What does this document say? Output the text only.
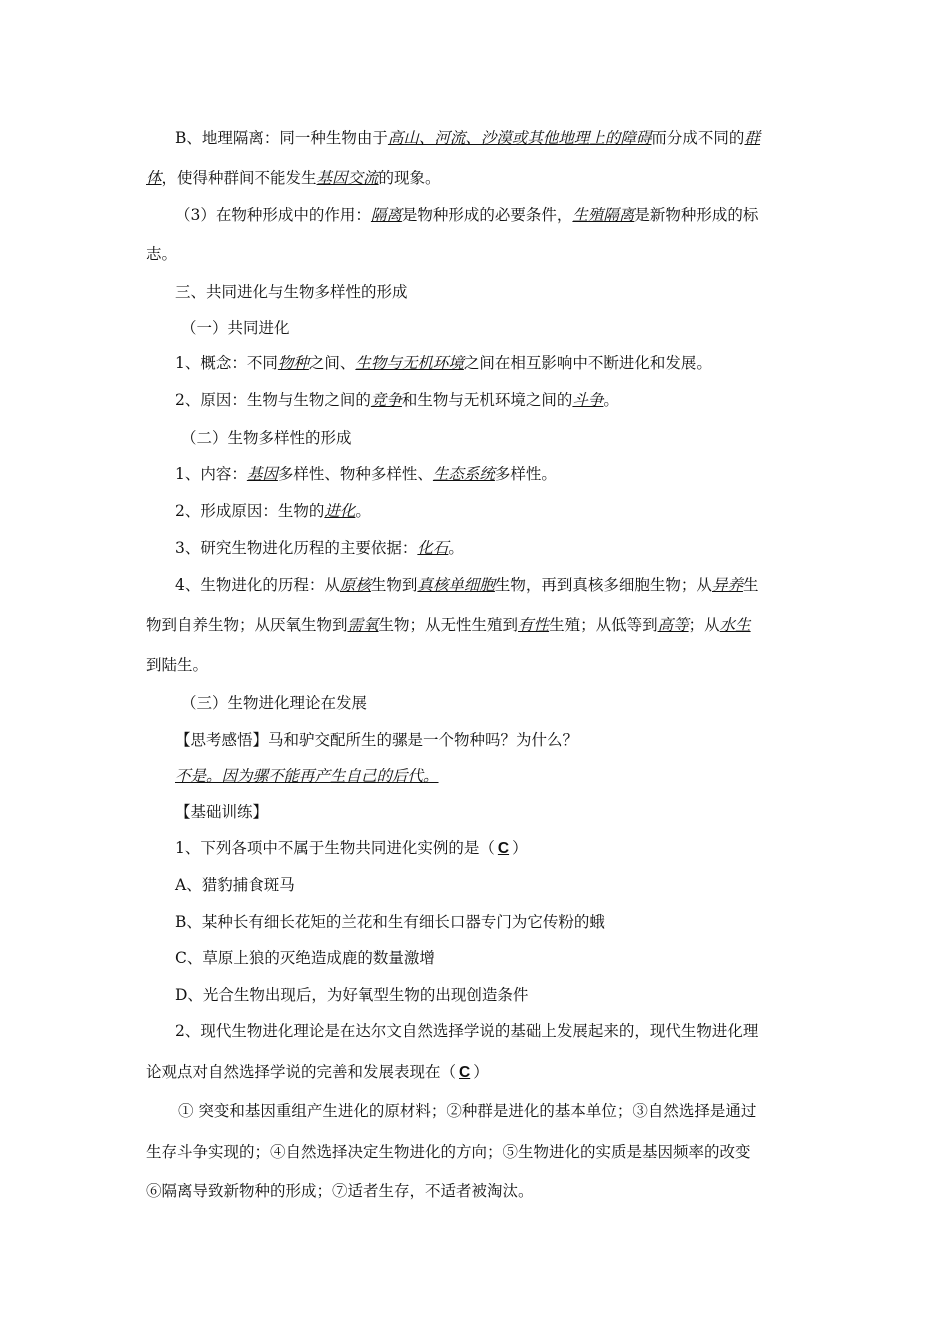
B、地理隔离：同一种生物由于高山、河流、沙漠或其他地理上的障碍而分成不同的群
体，使得种群间不能发生基因交流的现象。
（3）在物种形成中的作用：隔离是物种形成的必要条件，生殖隔离是新物种形成的标
志。
三、共同进化与生物多样性的形成
（一）共同进化
1、概念：不同物种之间、生物与无机环境之间在相互影响中不断进化和发展。
2、原因：生物与生物之间的竞争和生物与无机环境之间的斗争。
（二）生物多样性的形成
1、内容：基因多样性、物种多样性、生态系统多样性。
2、形成原因：生物的进化。
3、研究生物进化历程的主要依据：化石。
4、生物进化的历程：从原核生物到真核单细胞生物，再到真核多细胞生物；从异养生
物到自养生物；从厌氧生物到需氧生物；从无性生殖到有性生殖；从低等到高等；从水生
到陆生。
（三）生物进化理论在发展
【思考感悟】马和驴交配所生的骡是一个物种吗？为什么？
不是。因为骡不能再产生自己的后代。
【基础训练】
1、下列各项中不属于生物共同进化实例的是（ C ）
A、猎豹捕食斑马
B、某种长有细长花矩的兰花和生有细长口器专门为它传粉的蛾
C、草原上狼的灭绝造成鹿的数量激增
D、光合生物出现后，为好氧型生物的出现创造条件
2、现代生物进化理论是在达尔文自然选择学说的基础上发展起来的，现代生物进化理
论观点对自然选择学说的完善和发展表现在（ C ）
① 突变和基因重组产生进化的原材料；②种群是进化的基本单位；③自然选择是通过
生存斗争实现的；④自然选择决定生物进化的方向；⑤生物进化的实质是基因频率的改变
⑥隔离导致新物种的形成；⑦适者生存，不适者被淘汰。
